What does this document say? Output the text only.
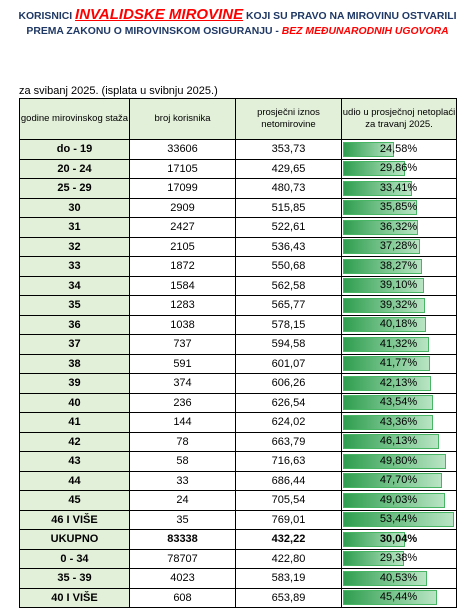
KORISNICI INVALIDSKE MIROVINE KOJI SU PRAVO NA MIROVINU OSTVARILI
PREMA ZAKONU O MIROVINSKOM OSIGURANJU - BEZ MEĐUNARODNIH UGOVORA
za svibanj 2025. (isplata u svibnju 2025.)
godine mirovinskog staža	broj korisnika	prosječni iznos netomirovine	udio u prosječnoj netoplaći za travanj 2025.
do - 19	33606	353,73	24,58%

20 - 24	17105	429,65	29,86%

25 - 29	17099	480,73	33,41%

30	2909	515,85	35,85%

31	2427	522,61	36,32%

32	2105	536,43	37,28%

33	1872	550,68	38,27%

34	1584	562,58	39,10%

35	1283	565,77	39,32%

36	1038	578,15	40,18%

37	737	594,58	41,32%

38	591	601,07	41,77%

39	374	606,26	42,13%

40	236	626,54	43,54%

41	144	624,02	43,36%

42	78	663,79	46,13%

43	58	716,63	49,80%

44	33	686,44	47,70%

45	24	705,54	49,03%

46 I VIŠE	35	769,01	53,44%

UKUPNO	83338	432,22	30,04%

0 - 34	78707	422,80	29,38%

35 - 39	4023	583,19	40,53%

40 I VIŠE	608	653,89	45,44%
